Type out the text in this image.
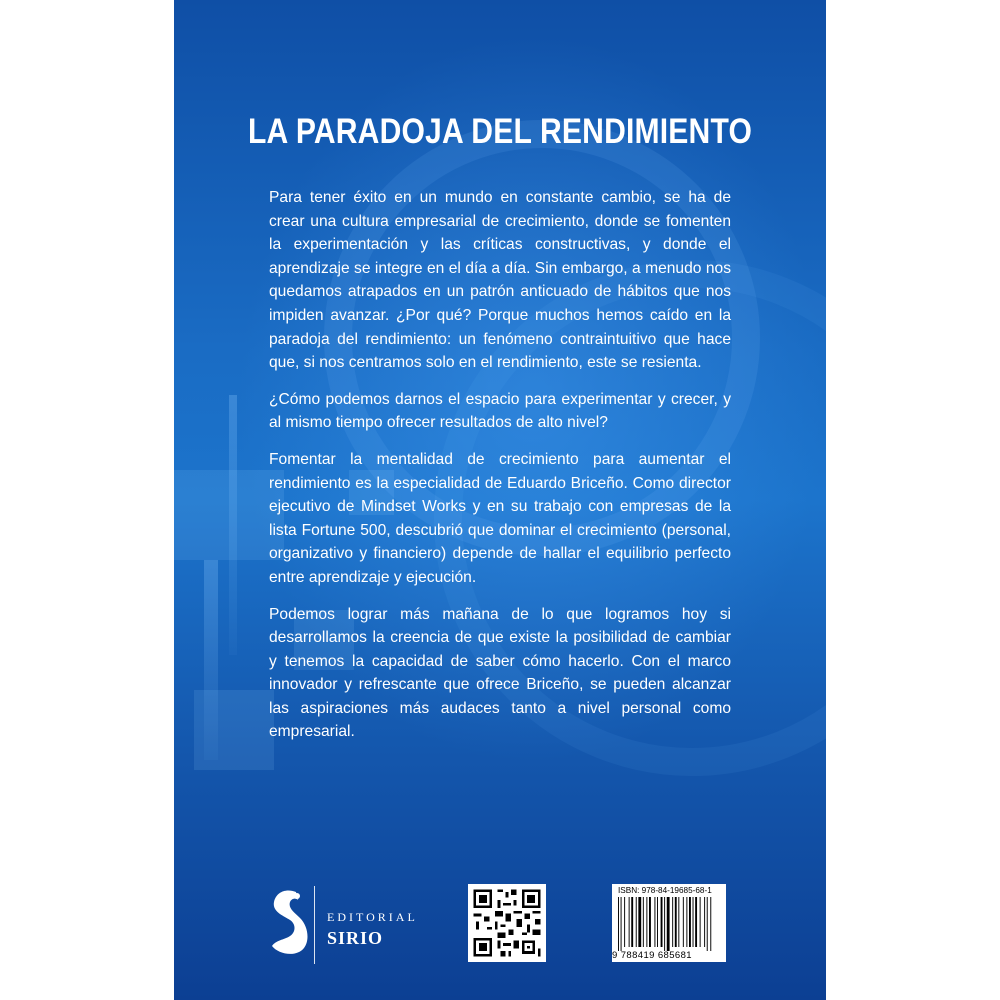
LA PARADOJA DEL RENDIMIENTO

Para tener éxito en un mundo en constante cambio, se ha de crear una cultura empresarial de crecimiento, donde se fomenten la experimentación y las críticas constructivas, y donde el aprendizaje se integre en el día a día. Sin embargo, a menudo nos quedamos atrapados en un patrón anticuado de hábitos que nos impiden avanzar. ¿Por qué? Porque muchos hemos caído en la paradoja del rendimiento: un fenómeno contraintuitivo que hace que, si nos centramos solo en el rendimiento, este se resienta.

¿Cómo podemos darnos el espacio para experimentar y crecer, y al mismo tiempo ofrecer resultados de alto nivel?

Fomentar la mentalidad de crecimiento para aumentar el rendimiento es la especialidad de Eduardo Briceño. Como director ejecutivo de Mindset Works y en su trabajo con empresas de la lista Fortune 500, descubrió que dominar el crecimiento (personal, organizativo y financiero) depende de hallar el equilibrio perfecto entre aprendizaje y ejecución.

Podemos lograr más mañana de lo que logramos hoy si desarrollamos la creencia de que existe la posibilidad de cambiar y tenemos la capacidad de saber cómo hacerlo. Con el marco innovador y refrescante que ofrece Briceño, se pueden alcanzar las aspiraciones más audaces tanto a nivel personal como empresarial.

EDITORIAL
SIRIO
ISBN: 978-84-19685-68-1
9 788419 685681
